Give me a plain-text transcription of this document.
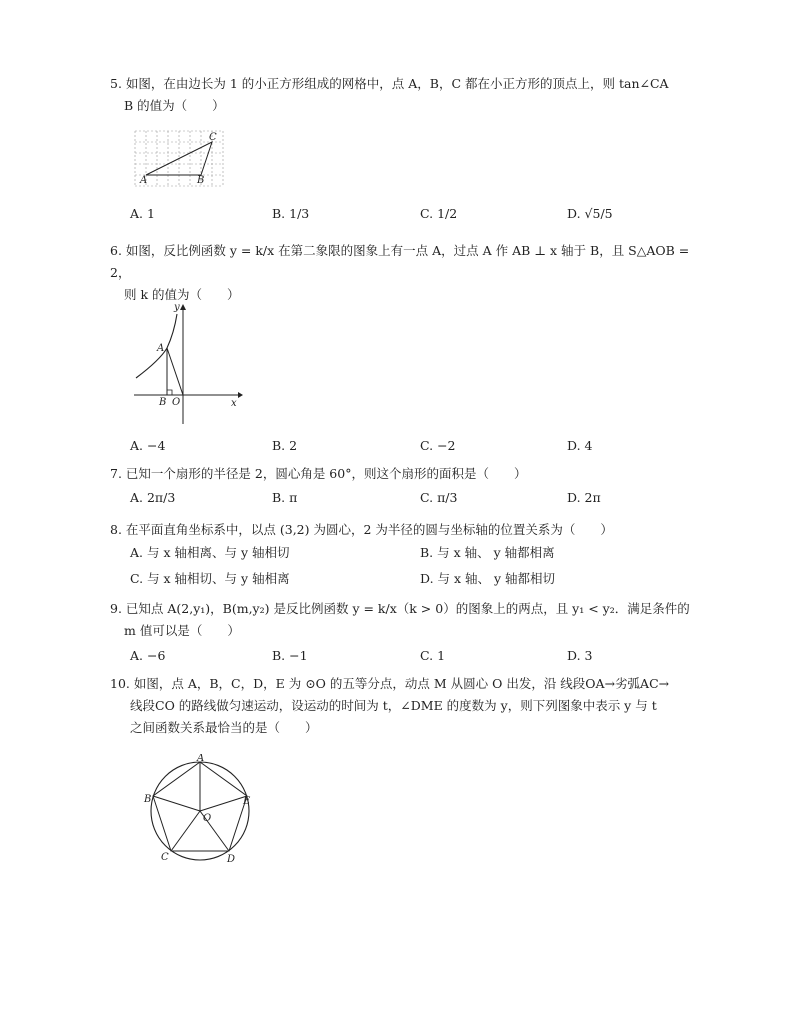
5. 如图，在由边长为 1 的小正方形组成的网格中，点 A，B，C 都在小正方形的顶点上，则 tan∠CA
B 的值为（　　）
A	B
C
A. 1	B. 1/3	C. 1/2	D. √5/5
6. 如图，反比例函数 y = k/x 在第二象限的图象上有一点 A，过点 A 作 AB ⊥ x 轴于 B，且 S△AOB = 2，
则 k 的值为（　　）
y
x
A
B O
A. −4	B. 2	C. −2	D. 4
7. 已知一个扇形的半径是 2，圆心角是 60°，则这个扇形的面积是（　　）
A. 2π/3	B. π	C. π/3	D. 2π
8. 在平面直角坐标系中，以点 (3,2) 为圆心，2 为半径的圆与坐标轴的位置关系为（　　）
A. 与 x 轴相离、与 y 轴相切	B. 与 x 轴、 y 轴都相离
C. 与 x 轴相切、与 y 轴相离	D. 与 x 轴、 y 轴都相切
9. 已知点 A(2,y₁)，B(m,y₂) 是反比例函数 y = k/x（k > 0）的图象上的两点，且 y₁ < y₂．满足条件的
m 值可以是（　　）
A. −6	B. −1	C. 1	D. 3
10. 如图，点 A，B，C，D，E 为 ⊙O 的五等分点，动点 M 从圆心 O 出发，沿 线段OA→劣弧AC→
线段CO 的路线做匀速运动，设运动的时间为 t，∠DME 的度数为 y，则下列图象中表示 y 与 t
之间函数关系最恰当的是（　　）
A
B
C	D
E
O
